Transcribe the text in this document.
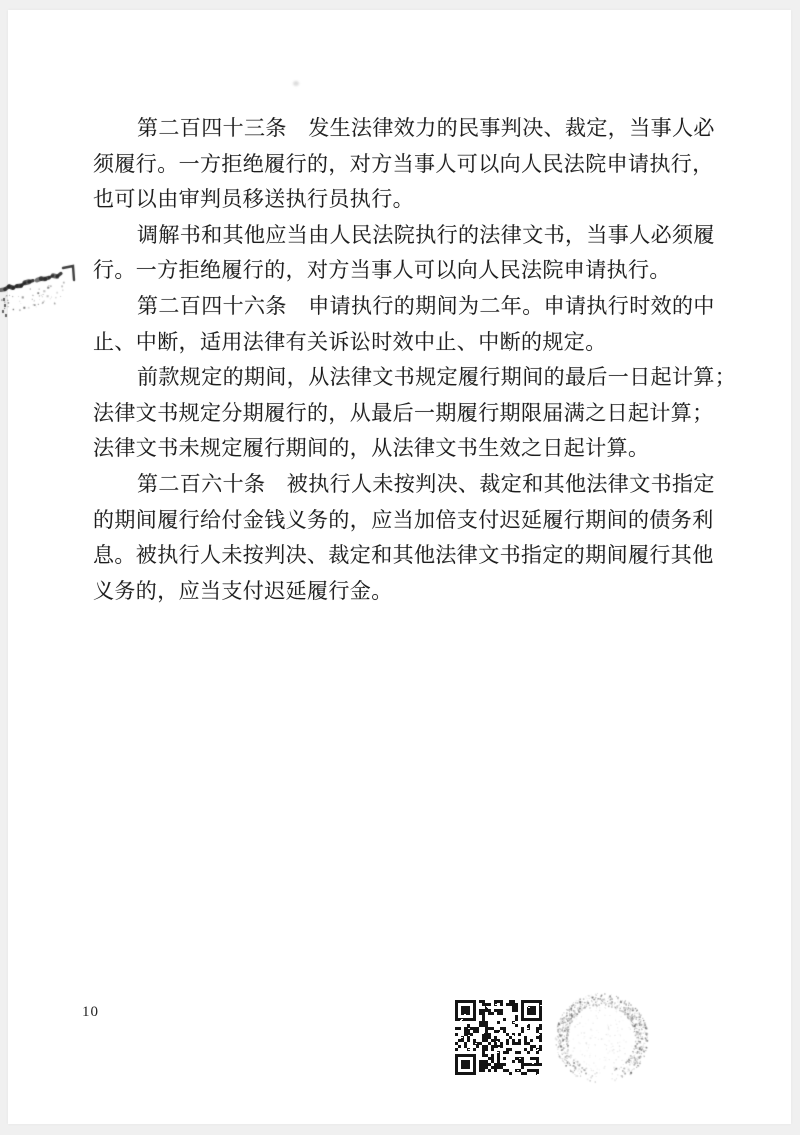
第二百四十三条　发生法律效力的民事判决、裁定，当事人必
须履行。一方拒绝履行的，对方当事人可以向人民法院申请执行，
也可以由审判员移送执行员执行。
调解书和其他应当由人民法院执行的法律文书，当事人必须履
行。一方拒绝履行的，对方当事人可以向人民法院申请执行。
第二百四十六条　申请执行的期间为二年。申请执行时效的中
止、中断，适用法律有关诉讼时效中止、中断的规定。
前款规定的期间，从法律文书规定履行期间的最后一日起计算；
法律文书规定分期履行的，从最后一期履行期限届满之日起计算；
法律文书未规定履行期间的，从法律文书生效之日起计算。
第二百六十条　被执行人未按判决、裁定和其他法律文书指定
的期间履行给付金钱义务的，应当加倍支付迟延履行期间的债务利
息。被执行人未按判决、裁定和其他法律文书指定的期间履行其他
义务的，应当支付迟延履行金。
10
